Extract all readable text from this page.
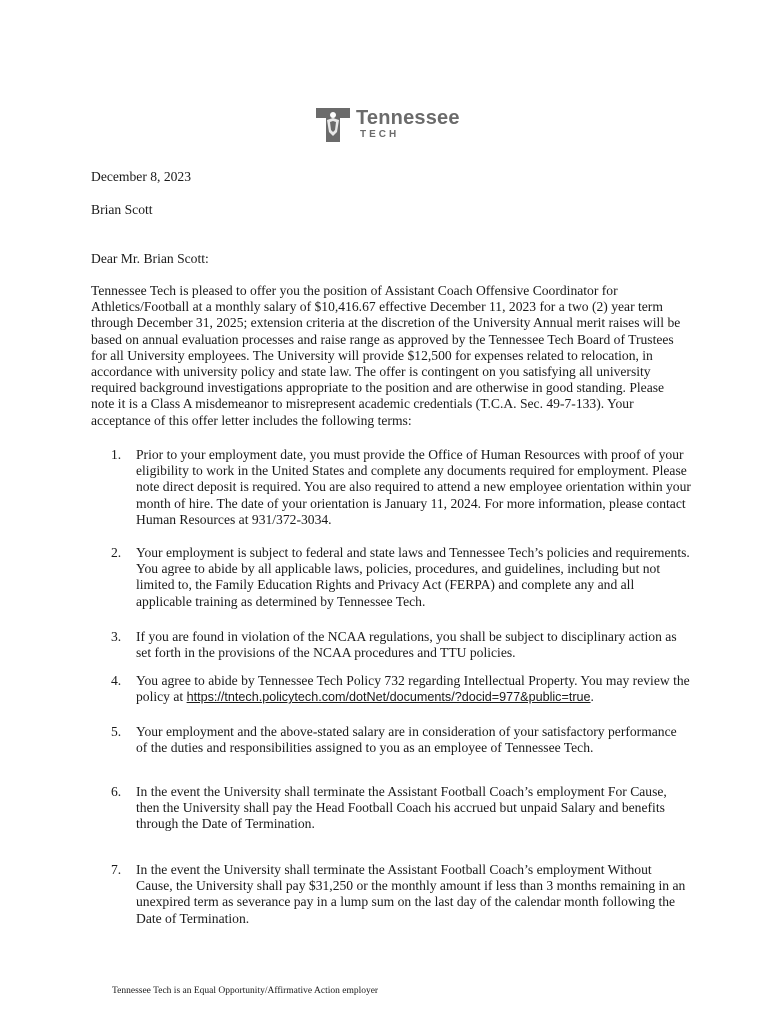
Tennessee
TECH
December 8, 2023
Brian Scott
Dear Mr. Brian Scott:
Tennessee Tech is pleased to offer you the position of Assistant Coach Offensive Coordinator for Athletics/Football at a monthly salary of $10,416.67 effective December 11, 2023 for a two (2) year term through December 31, 2025; extension criteria at the discretion of the University Annual merit raises will be based on annual evaluation processes and raise range as approved by the Tennessee Tech Board of Trustees for all University employees. The University will provide $12,500 for expenses related to relocation, in accordance with university policy and state law. The offer is contingent on you satisfying all university required background investigations appropriate to the position and are otherwise in good standing. Please note it is a Class A misdemeanor to misrepresent academic credentials (T.C.A. Sec. 49-7-133). Your acceptance of this offer letter includes the following terms:
1. Prior to your employment date, you must provide the Office of Human Resources with proof of your eligibility to work in the United States and complete any documents required for employment. Please note direct deposit is required. You are also required to attend a new employee orientation within your month of hire. The date of your orientation is January 11, 2024. For more information, please contact Human Resources at 931/372-3034.
2. Your employment is subject to federal and state laws and Tennessee Tech’s policies and requirements. You agree to abide by all applicable laws, policies, procedures, and guidelines, including but not limited to, the Family Education Rights and Privacy Act (FERPA) and complete any and all applicable training as determined by Tennessee Tech.
3. If you are found in violation of the NCAA regulations, you shall be subject to disciplinary action as set forth in the provisions of the NCAA procedures and TTU policies.
4. You agree to abide by Tennessee Tech Policy 732 regarding Intellectual Property. You may review the policy at https://tntech.policytech.com/dotNet/documents/?docid=977&public=true.
5. Your employment and the above-stated salary are in consideration of your satisfactory performance of the duties and responsibilities assigned to you as an employee of Tennessee Tech.
6. In the event the University shall terminate the Assistant Football Coach’s employment For Cause, then the University shall pay the Head Football Coach his accrued but unpaid Salary and benefits through the Date of Termination.
7. In the event the University shall terminate the Assistant Football Coach’s employment Without Cause, the University shall pay $31,250 or the monthly amount if less than 3 months remaining in an unexpired term as severance pay in a lump sum on the last day of the calendar month following the Date of Termination.
Tennessee Tech is an Equal Opportunity/Affirmative Action employer
